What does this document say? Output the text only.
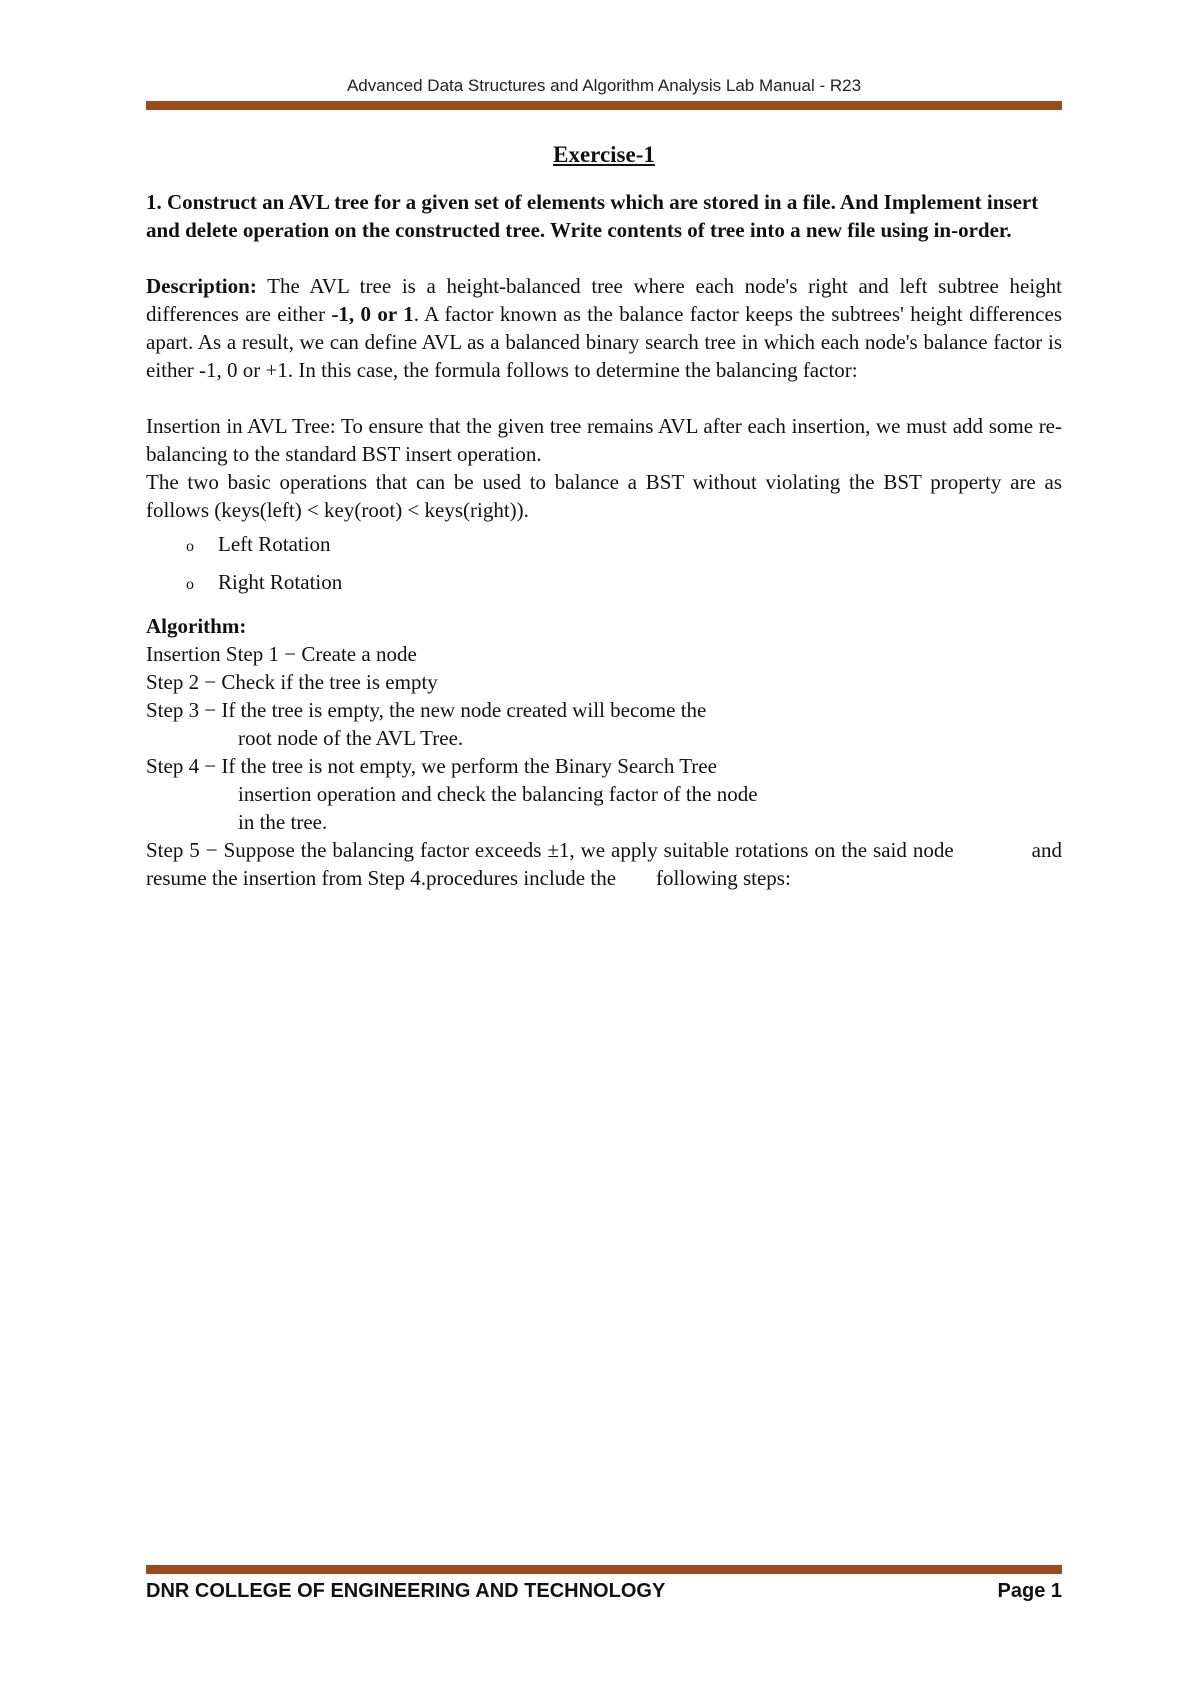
Advanced Data Structures and Algorithm Analysis Lab Manual - R23
Exercise-1

1. Construct an AVL tree for a given set of elements which are stored in a file. And Implement insert and delete operation on the constructed tree. Write contents of tree into a new file using in-order.

Description: The AVL tree is a height-balanced tree where each node's right and left subtree height differences are either -1, 0 or 1. A factor known as the balance factor keeps the subtrees' height differences apart. As a result, we can define AVL as a balanced binary search tree in which each node's balance factor is either -1, 0 or +1. In this case, the formula follows to determine the balancing factor:

Insertion in AVL Tree: To ensure that the given tree remains AVL after each insertion, we must add some re-balancing to the standard BST insert operation.

The two basic operations that can be used to balance a BST without violating the BST property are as follows (keys(left) < key(root) < keys(right)).

o	Left Rotation
o	Right Rotation

Algorithm:

Insertion Step 1 − Create a node

Step 2 − Check if the tree is empty

Step 3 − If the tree is empty, the new node created will become the

root node of the AVL Tree.

Step 4 − If the tree is not empty, we perform the Binary Search Tree

insertion operation and check the balancing factor of the node

in the tree.

Step 5 − Suppose the balancing factor exceeds ±1, we apply suitable rotations on the said node	and resume the insertion from Step 4.procedures include the following steps:

DNR COLLEGE OF ENGINEERING AND TECHNOLOGY	Page 1
